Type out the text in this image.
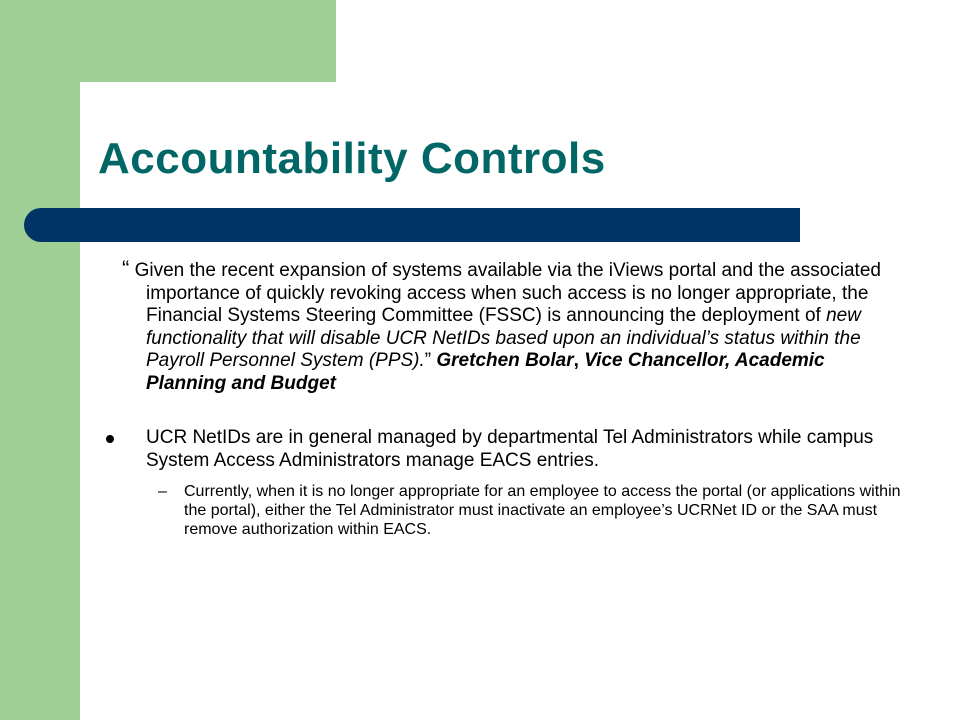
Accountability Controls

“ Given the recent expansion of systems available via the iViews portal and the associated importance of quickly revoking access when such access is no longer appropriate, the Financial Systems Steering Committee (FSSC) is announcing the deployment of new functionality that will disable UCR NetIDs based upon an individual’s status within the Payroll Personnel System (PPS).” Gretchen Bolar, Vice Chancellor, Academic Planning and Budget

UCR NetIDs are in general managed by departmental Tel Administrators while campus System Access Administrators manage EACS entries.
– Currently, when it is no longer appropriate for an employee to access the portal (or applications within the portal), either the Tel Administrator must inactivate an employee’s UCRNet ID or the SAA must remove authorization within EACS.
